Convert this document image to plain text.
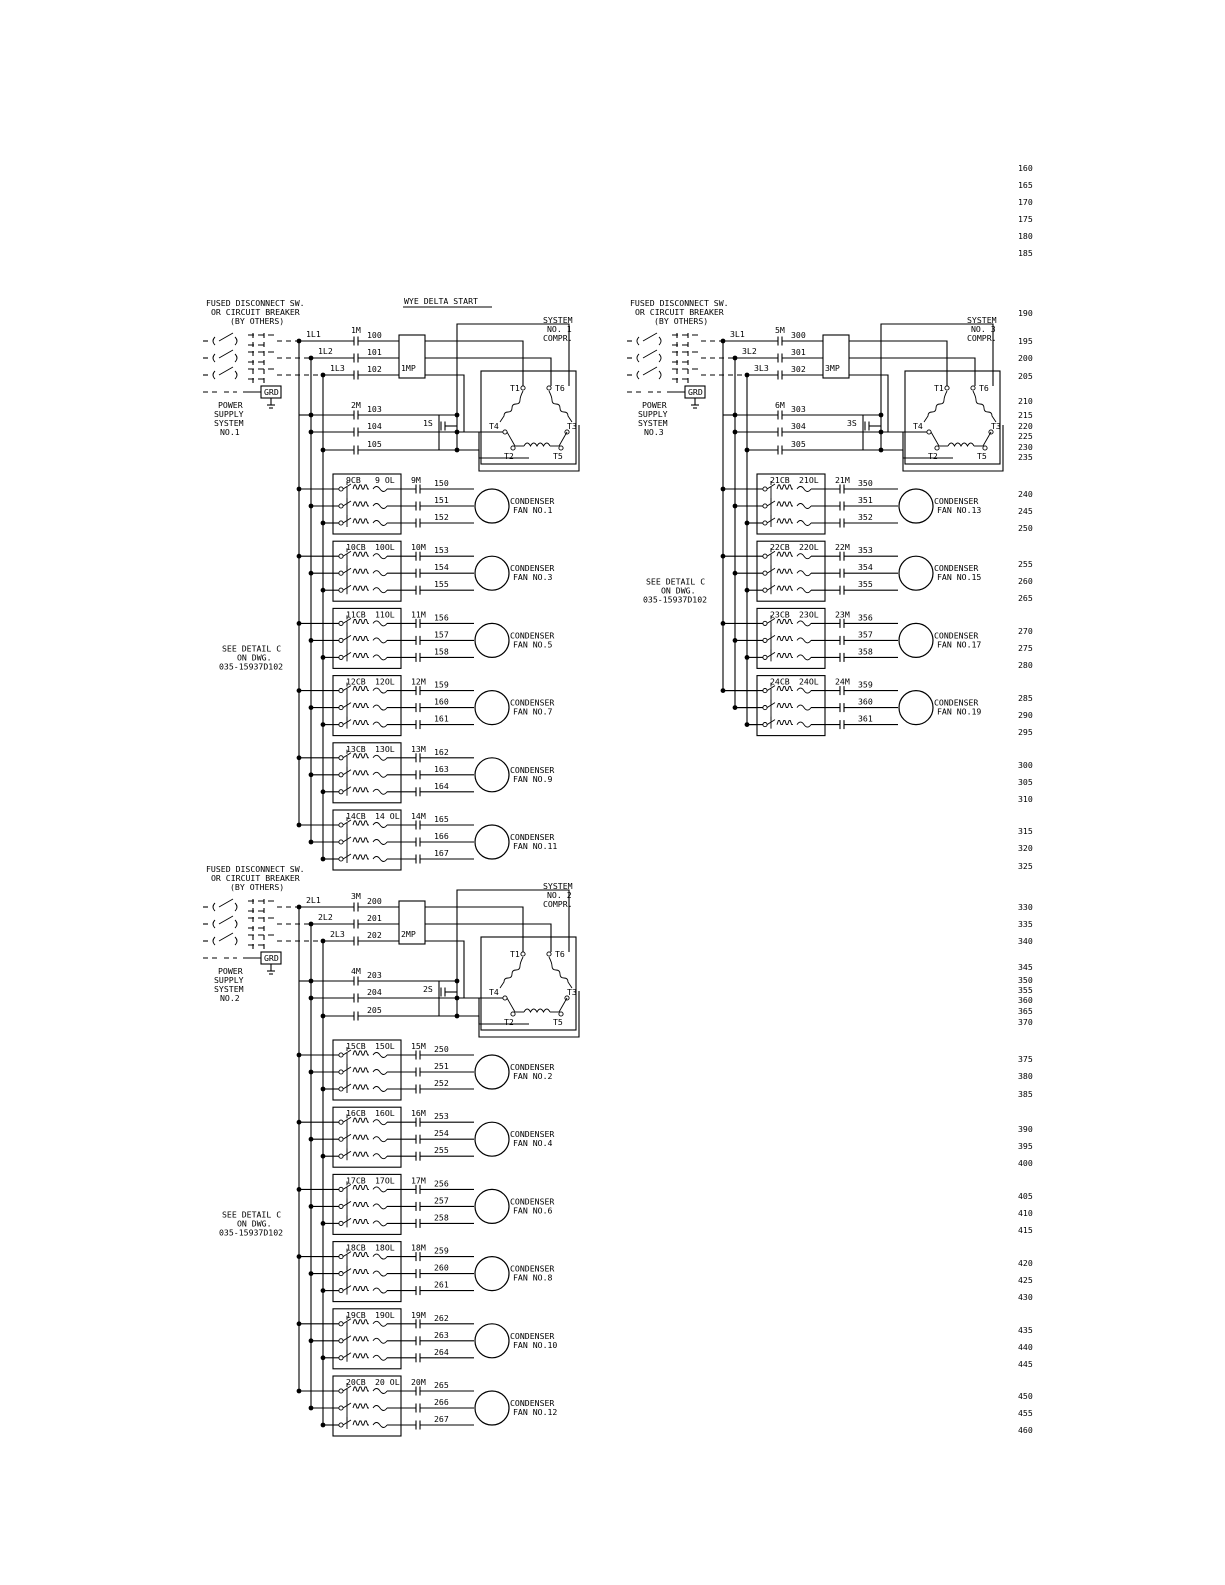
160
165
170
175
180
185
190
195
200
205
210
215
220
225
230
235
240
245
250
255
260
265
270
275
280
285
290
295
300
305
310
315
320
325
330
335
340
345
350
355
360
365
370
375
380
385
390
395
400
405
410
415
420
425
430
435
440
445
450
455
460
FUSED DISCONNECT SW.
OR CIRCUIT BREAKER
(BY OTHERS)
WYE DELTA START
GRD
POWER
SUPPLY
SYSTEM
NO.1
1L1
1L2
1L3
1M 100
101
102 1MP
2M 103
104
105
1S
SYSTEM
NO. 1
COMPR.
T1	T6
T4	T3
T2	T5
9CB 9 OL 9M 150
151
152
CONDENSER
FAN NO.1
10CB 10OL 10M 153
154
155
CONDENSER
FAN NO.3
11CB 11OL 11M 156
157
158
CONDENSER
FAN NO.5
12CB 12OL 12M 159
160
161
CONDENSER
FAN NO.7
13CB 13OL 13M 162
163
164
CONDENSER
FAN NO.9
14CB 14 OL 14M 165
166
167
CONDENSER
FAN NO.11
SEE DETAIL C
ON DWG.
035-15937D102
FUSED DISCONNECT SW.
OR CIRCUIT BREAKER
(BY OTHERS)
GRD
POWER
SUPPLY
SYSTEM
NO.3
3L1
3L2
3L3
5M 300
301
302 3MP
6M 303
304
305
3S
SYSTEM
NO. 3
COMPR.
T1	T6
T4	T3
T2	T5
21CB 21OL 21M 350
351
352
CONDENSER
FAN NO.13
22CB 22OL 22M 353
354
355
CONDENSER
FAN NO.15
23CB 23OL 23M 356
357
358
CONDENSER
FAN NO.17
24CB 24OL 24M 359
360
361
CONDENSER
FAN NO.19
SEE DETAIL C
ON DWG.
035-15937D102
FUSED DISCONNECT SW.
OR CIRCUIT BREAKER
(BY OTHERS)
GRD
POWER
SUPPLY
SYSTEM
NO.2
2L1
2L2
2L3
3M 200
201
202 2MP
4M 203
204
205
2S
SYSTEM
NO. 2
COMPR.
T1	T6
T4	T3
T2	T5
15CB 15OL 15M 250
251
252
CONDENSER
FAN NO.2
16CB 16OL 16M 253
254
255
CONDENSER
FAN NO.4
17CB 17OL 17M 256
257
258
CONDENSER
FAN NO.6
18CB 18OL 18M 259
260
261
CONDENSER
FAN NO.8
19CB 19OL 19M 262
263
264
CONDENSER
FAN NO.10
20CB 20 OL 20M 265
266
267
CONDENSER
FAN NO.12
SEE DETAIL C
ON DWG.
035-15937D102
